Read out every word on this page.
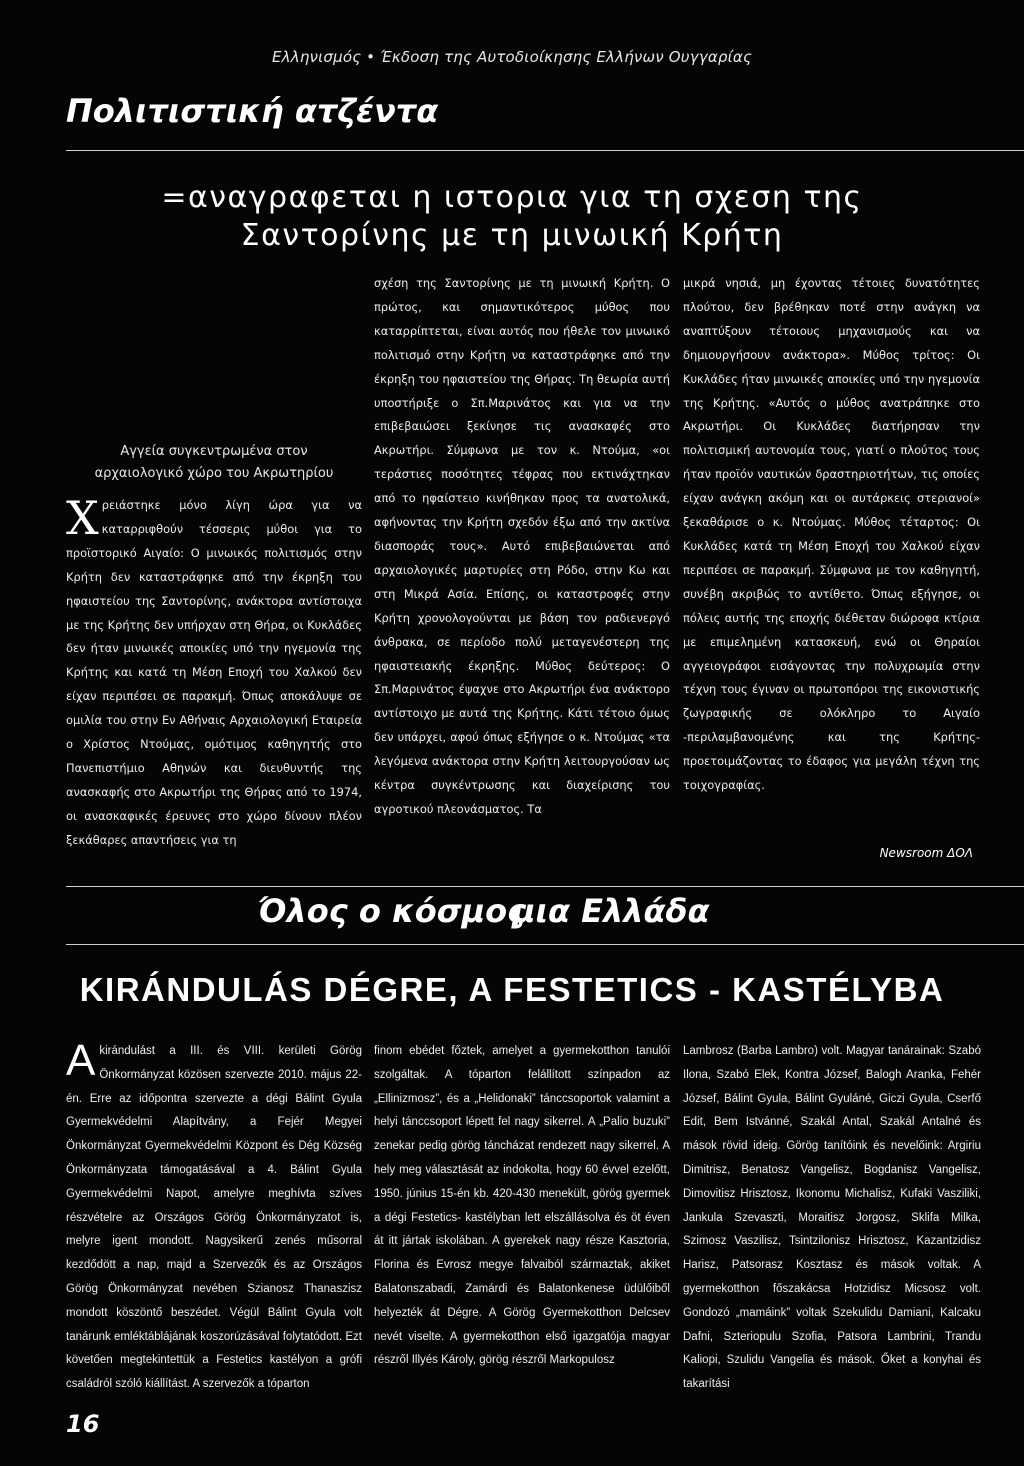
Ελληνισμός • Έκδοση της Αυτοδιοίκησης Ελλήνων Ουγγαρίας
Πολιτιστική ατζέντα
=αναγραφεται η ιστορια για τη σχεση της
Σαντορίνης με τη μινωική Κρήτη
Αγγεία συγκεντρωμένα στον
αρχαιολογικό χώρο του Ακρωτηρίου
Χ ρειάστηκε μόνο λίγη ώρα για να καταρριφθούν τέσσερις μύθοι για το προϊστορικό Αιγαίο: Ο μινωικός πολιτισμός στην Κρήτη δεν καταστράφηκε από την έκρηξη του ηφαιστείου της Σαντορίνης, ανάκτορα αντίστοιχα με της Κρήτης δεν υπήρχαν στη Θήρα, οι Κυκλάδες δεν ήταν μινωικές αποικίες υπό την ηγεμονία της Κρήτης και κατά τη Μέση Εποχή του Χαλκού δεν είχαν περιπέσει σε παρακμή. Όπως αποκάλυψε σε ομιλία του στην Εν Αθήναις Αρχαιολογική Εταιρεία ο Χρίστος Ντούμας, ομότιμος καθηγητής στο Πανεπιστήμιο Αθηνών και διευθυντής της ανασκαφής στο Ακρωτήρι της Θήρας από το 1974, οι ανασκαφικές έρευνες στο χώρο δίνουν πλέον ξεκάθαρες απαντήσεις για τη

σχέση της Σαντορίνης με τη μινωική Κρήτη. Ο πρώτος, και σημαντικότερος μύθος που καταρρίπτεται, είναι αυτός που ήθελε τον μινωικό πολιτισμό στην Κρήτη να καταστράφηκε από την έκρηξη του ηφαιστείου της Θήρας. Τη θεωρία αυτή υποστήριξε ο Σπ.Μαρινάτος και για να την επιβεβαιώσει ξεκίνησε τις ανασκαφές στο Ακρωτήρι. Σύμφωνα με τον κ. Ντούμα, «οι τεράστιες ποσότητες τέφρας που εκτινάχτηκαν από το ηφαίστειο κινήθηκαν προς τα ανατολικά, αφήνοντας την Κρήτη σχεδόν έξω από την ακτίνα διασποράς τους». Αυτό επιβεβαιώνεται από αρχαιολογικές μαρτυρίες στη Ρόδο, στην Κω και στη Μικρά Ασία. Επίσης, οι καταστροφές στην Κρήτη χρονολογούνται με βάση τον ραδιενεργό άνθρακα, σε περίοδο πολύ μεταγενέστερη της ηφαιστειακής έκρηξης. Μύθος δεύτερος: Ο Σπ.Μαρινάτος έψαχνε στο Ακρωτήρι ένα ανάκτορο αντίστοιχο με αυτά της Κρήτης. Κάτι τέτοιο όμως δεν υπάρχει, αφού όπως εξήγησε ο κ. Ντούμας «τα λεγόμενα ανάκτορα στην Κρήτη λειτουργούσαν ως κέντρα συγκέντρωσης και διαχείρισης του αγροτικού πλεονάσματος. Τα

μικρά νησιά, μη έχοντας τέτοιες δυνατότητες πλούτου, δεν βρέθηκαν ποτέ στην ανάγκη να αναπτύξουν τέτοιους μηχανισμούς και να δημιουργήσουν ανάκτορα». Μύθος τρίτος: Οι Κυκλάδες ήταν μινωικές αποικίες υπό την ηγεμονία της Κρήτης. «Αυτός ο μύθος ανατράπηκε στο Ακρωτήρι. Οι Κυκλάδες διατήρησαν την πολιτισμική αυτονομία τους, γιατί ο πλούτος τους ήταν προϊόν ναυτικών δραστηριοτήτων, τις οποίες είχαν ανάγκη ακόμη και οι αυτάρκεις στεριανοί» ξεκαθάρισε ο κ. Ντούμας. Μύθος τέταρτος: Οι Κυκλάδες κατά τη Μέση Εποχή του Χαλκού είχαν περιπέσει σε παρακμή. Σύμφωνα με τον καθηγητή, συνέβη ακριβώς το αντίθετο. Όπως εξήγησε, οι πόλεις αυτής της εποχής διέθεταν διώροφα κτίρια με επιμελημένη κατασκευή, ενώ οι Θηραίοι αγγειογράφοι εισάγοντας την πολυχρωμία στην τέχνη τους έγιναν οι πρωτοπόροι της εικονιστικής ζωγραφικής σε ολόκληρο το Αιγαίο -περιλαμβανομένης και της Κρήτης- προετοιμάζοντας το έδαφος για μεγάλη τέχνη της τοιχογραφίας.

Newsroom ΔΟΛ
Όλος ο κόσμος
μια Ελλάδα
KIRÁNDULÁS DÉGRE, A FESTETICS - KASTÉLYBA
A kirándulást a III. és VIII. kerületi Görög Önkormányzat közösen szervezte 2010. május 22-én. Erre az időpontra szervezte a dégi Bálint Gyula Gyermekvédelmi Alapítvány, a Fejér Megyei Önkormányzat Gyermekvédelmi Központ és Dég Község Önkormányzata támogatásával a 4. Bálint Gyula Gyermekvédelmi Napot, amelyre meghívta szíves részvételre az Országos Görög Önkormányzatot is, melyre igent mondott. Nagysikerű zenés műsorral kezdődött a nap, majd a Szervezők és az Országos Görög Önkormányzat nevében Szianosz Thanaszisz mondott köszöntő beszédet. Végül Bálint Gyula volt tanárunk emléktáblájának koszorúzásával folytatódott. Ezt követően megtekintettük a Festetics kastélyon a grófi családról szóló kiállítást. A szervezők a tóparton

finom ebédet főztek, amelyet a gyermekotthon tanulói szolgáltak. A tóparton felállított színpadon az „Ellinizmosz”, és a „Helidonaki” tánccsoportok valamint a helyi tánccsoport lépett fel nagy sikerrel. A „Palio buzuki” zenekar pedig görög táncházat rendezett nagy sikerrel. A hely meg választását az indokolta, hogy 60 évvel ezelőtt, 1950. június 15-én kb. 420-430 menekült, görög gyermek a dégi Festetics- kastélyban lett elszállásolva és öt éven át itt jártak iskolában. A gyerekek nagy része Kasztoria, Florina és Evrosz megye falvaiból származtak, akiket Balatonszabadi, Zamárdi és Balatonkenese üdülőiből helyezték át Dégre. A Görög Gyermekotthon Delcsev nevét viselte. A gyermekotthon első igazgatója magyar részről Illyés Károly, görög részről Markopulosz

Lambrosz (Barba Lambro) volt. Magyar tanárainak: Szabó Ilona, Szabó Elek, Kontra József, Balogh Aranka, Fehér József, Bálint Gyula, Bálint Gyuláné, Giczi Gyula, Cserfő Edit, Bem Istvánné, Szakál Antal, Szakál Antalné és mások rövid ideig. Görög tanítóink és nevelőink: Argiriu Dimitrisz, Benatosz Vangelisz, Bogdanisz Vangelisz, Dimovitisz Hrisztosz, Ikonomu Michalisz, Kufaki Vasziliki, Jankula Szevaszti, Moraitisz Jorgosz, Sklifa Milka, Szimosz Vaszilisz, Tsintzilonisz Hrisztosz, Kazantzidisz Harisz, Patsorasz Kosztasz és mások voltak. A gyermekotthon főszakácsa Hotzidisz Micsosz volt. Gondozó „mamáink” voltak Szekulidu Damiani, Kalcaku Dafni, Szteriopulu Szofia, Patsora Lambrini, Trandu Kaliopi, Szulidu Vangelia és mások. Őket a konyhai és takarítási

16
